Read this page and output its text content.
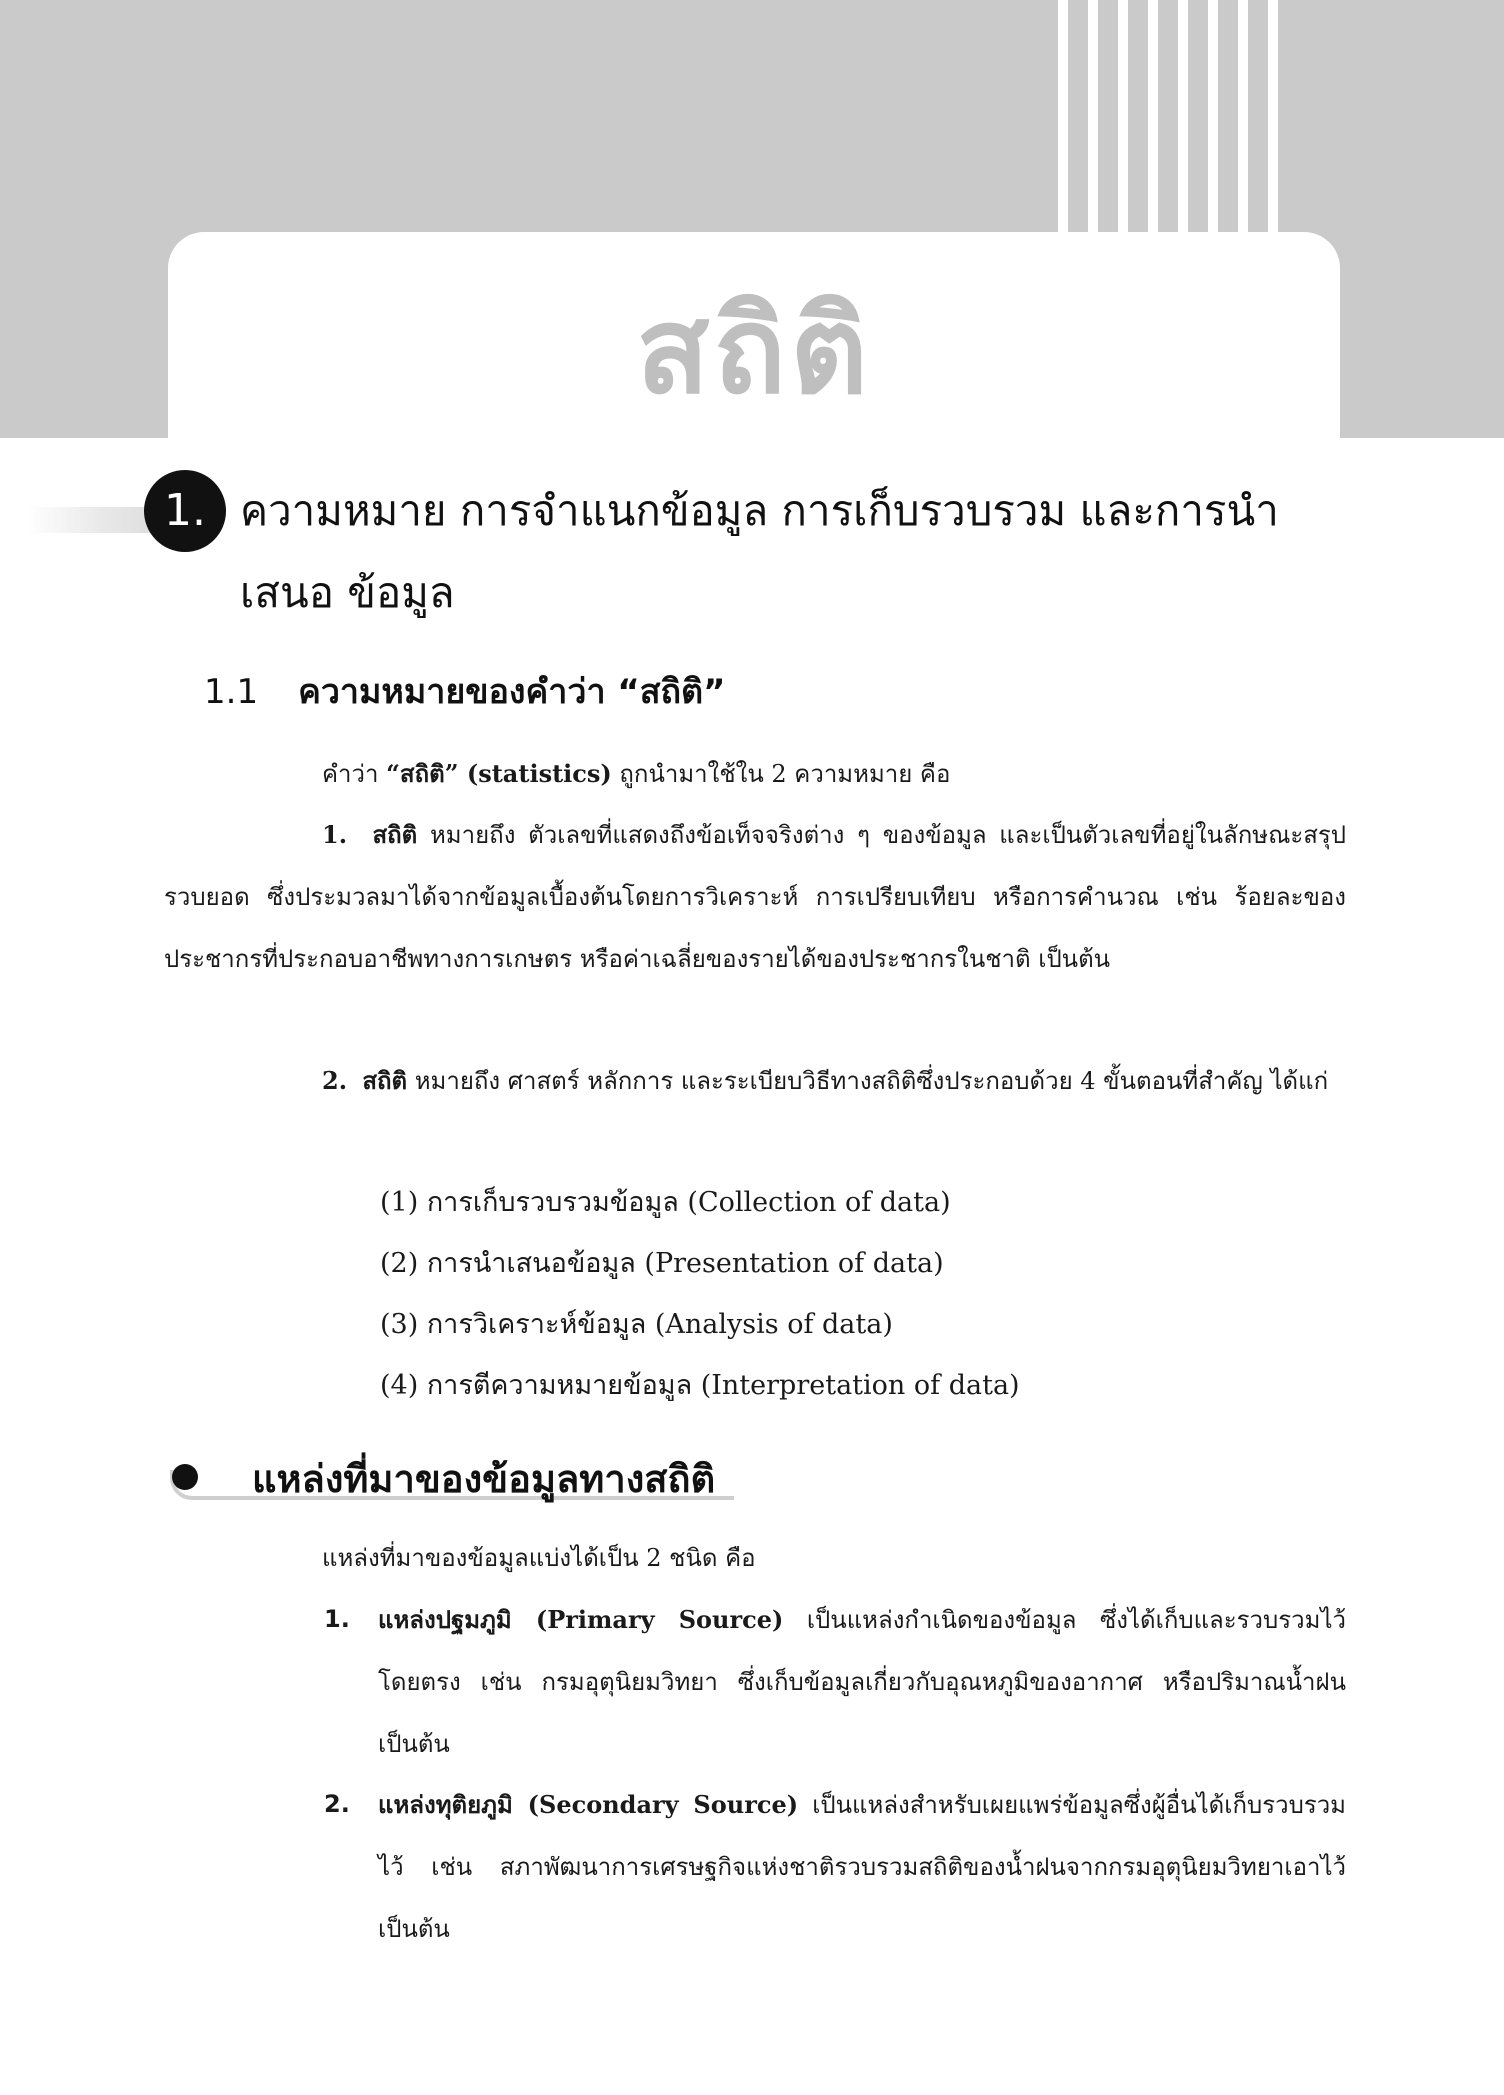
สถิติ
1. ความหมาย การจำแนกข้อมูล การเก็บรวบรวม และการนำเสนอ ข้อมูล
1.1 ความหมายของคำว่า “สถิติ”
คำว่า “สถิติ” (statistics) ถูกนำมาใช้ใน 2 ความหมาย คือ
1. สถิติ หมายถึง ตัวเลขที่แสดงถึงข้อเท็จจริงต่าง ๆ ของข้อมูล และเป็นตัวเลขที่อยู่ในลักษณะสรุปรวบยอด ซึ่งประมวลมาได้จากข้อมูลเบื้องต้นโดยการวิเคราะห์ การเปรียบเทียบ หรือการคำนวณ เช่น ร้อยละของประชากรที่ประกอบอาชีพทางการเกษตร หรือค่าเฉลี่ยของรายได้ของประชากรในชาติ เป็นต้น
2. สถิติ หมายถึง ศาสตร์ หลักการ และระเบียบวิธีทางสถิติซึ่งประกอบด้วย 4 ขั้นตอนที่สำคัญ ได้แก่
(1) การเก็บรวบรวมข้อมูล (Collection of data)
(2) การนำเสนอข้อมูล (Presentation of data)
(3) การวิเคราะห์ข้อมูล (Analysis of data)
(4) การตีความหมายข้อมูล (Interpretation of data)
แหล่งที่มาของข้อมูลทางสถิติ
แหล่งที่มาของข้อมูลแบ่งได้เป็น 2 ชนิด คือ
1. แหล่งปฐมภูมิ (Primary Source) เป็นแหล่งกำเนิดของข้อมูล ซึ่งได้เก็บและรวบรวมไว้โดยตรง เช่น กรมอุตุนิยมวิทยา ซึ่งเก็บข้อมูลเกี่ยวกับอุณหภูมิของอากาศ หรือปริมาณน้ำฝน เป็นต้น
2. แหล่งทุติยภูมิ (Secondary Source) เป็นแหล่งสำหรับเผยแพร่ข้อมูลซึ่งผู้อื่นได้เก็บรวบรวมไว้ เช่น สภาพัฒนาการเศรษฐกิจแห่งชาติรวบรวมสถิติของน้ำฝนจากกรมอุตุนิยมวิทยาเอาไว้ เป็นต้น
